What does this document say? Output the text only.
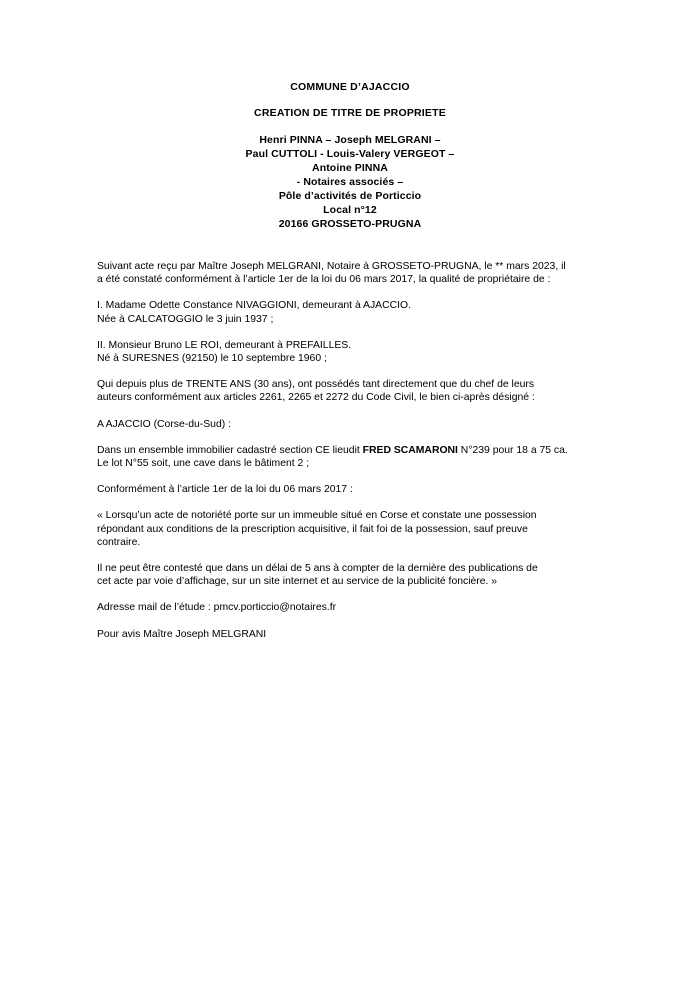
COMMUNE D’AJACCIO
CREATION DE TITRE DE PROPRIETE
Henri PINNA – Joseph MELGRANI –
Paul CUTTOLI - Louis-Valery VERGEOT –
Antoine PINNA
- Notaires associés –
Pôle d’activités de Porticcio
Local n°12
20166 GROSSETO-PRUGNA

Suivant acte reçu par Maître Joseph MELGRANI, Notaire à GROSSETO-PRUGNA, le ** mars 2023, il
a été constaté conformément à l’article 1er de la loi du 06 mars 2017, la qualité de propriétaire de :

I. Madame Odette Constance NIVAGGIONI, demeurant à AJACCIO.
Née à CALCATOGGIO le 3 juin 1937 ;

II. Monsieur Bruno LE ROI, demeurant à PREFAILLES.
Né à SURESNES (92150) le 10 septembre 1960 ;

Qui depuis plus de TRENTE ANS (30 ans), ont possédés tant directement que du chef de leurs
auteurs conformément aux articles 2261, 2265 et 2272 du Code Civil, le bien ci-après désigné :

A AJACCIO (Corse-du-Sud) :

Dans un ensemble immobilier cadastré section CE lieudit FRED SCAMARONI N°239 pour 18 a 75 ca.
Le lot N°55 soit, une cave dans le bâtiment 2 ;

Conformément à l’article 1er de la loi du 06 mars 2017 :

« Lorsqu’un acte de notoriété porte sur un immeuble situé en Corse et constate une possession
répondant aux conditions de la prescription acquisitive, il fait foi de la possession, sauf preuve
contraire.

Il ne peut être contesté que dans un délai de 5 ans à compter de la dernière des publications de
cet acte par voie d’affichage, sur un site internet et au service de la publicité foncière. »

Adresse mail de l’étude : pmcv.porticcio@notaires.fr

Pour avis Maître Joseph MELGRANI
